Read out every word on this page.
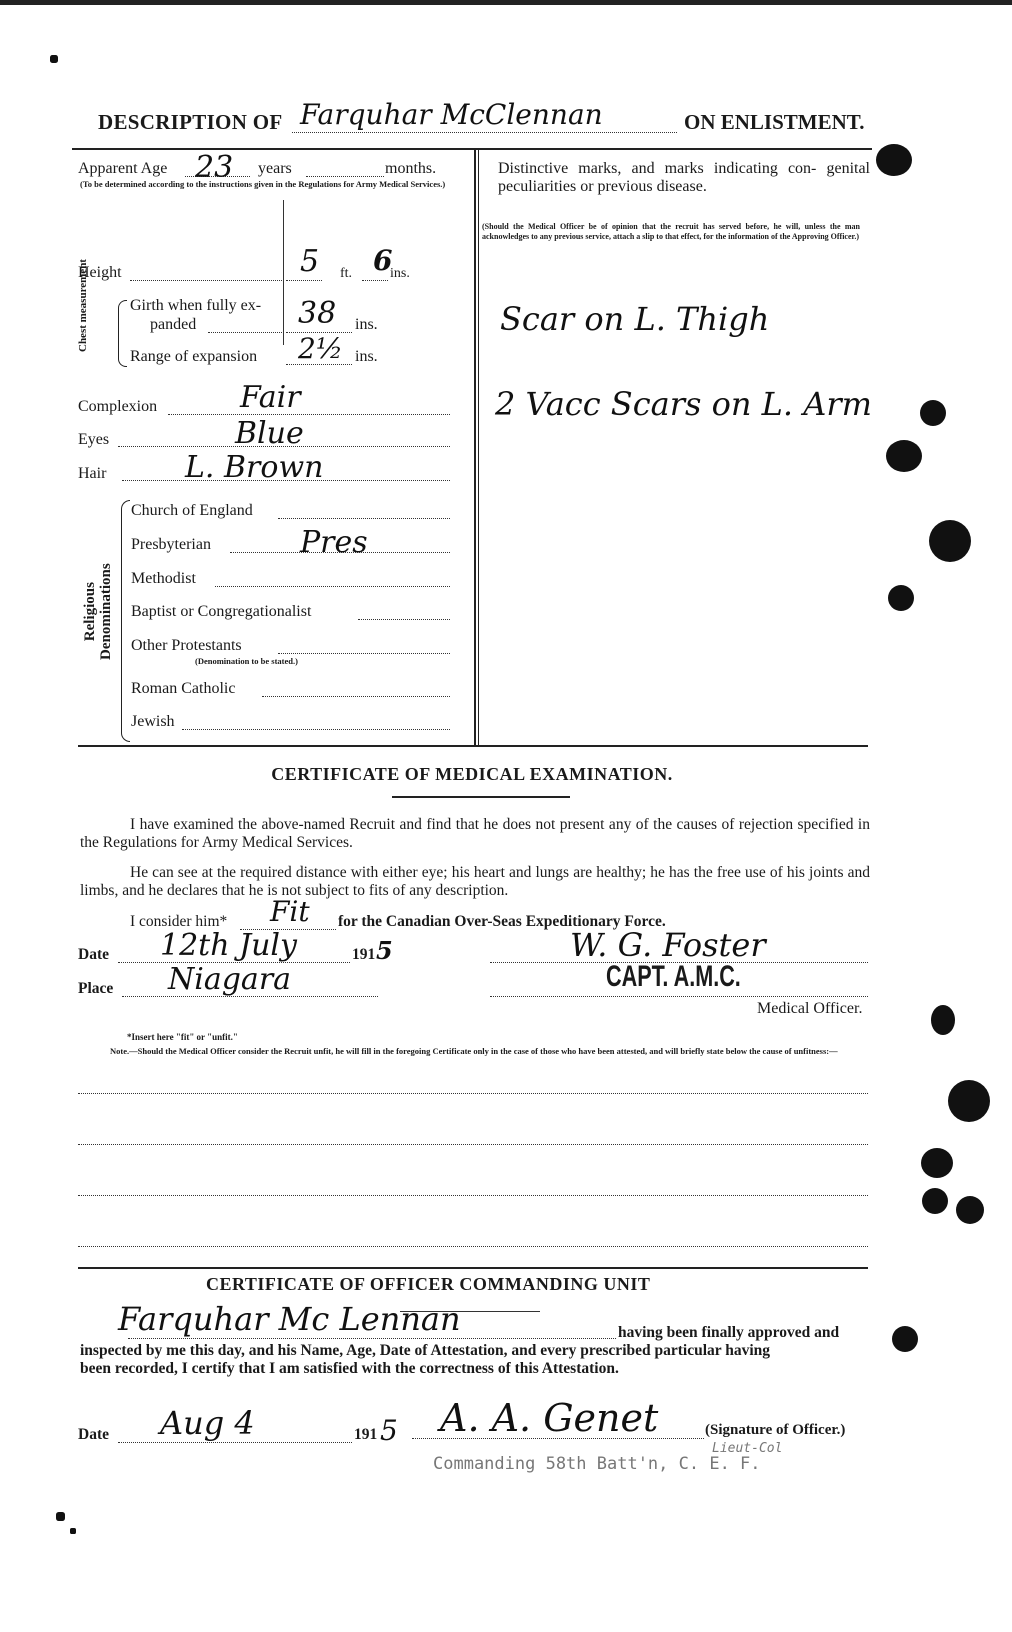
DESCRIPTION OF Farquhar McClennan	ON ENLISTMENT.
Apparent Age 23 years	months.
(To be determined according to the instructions given in the Regulations for Army Medical Services.)
Height	5 ft. 6
ins.
Chest measurement	Girth when fully ex-
panded	38 ins.
Range of expansion 2½ ins.
Complexion	Fair
Eyes	Blue
Hair	L. Brown
Religious Denominations
Church of England
Presbyterian	Pres
Methodist
Baptist or Congregationalist
Other Protestants
(Denomination to be stated.)
Roman Catholic
Jewish
Distinctive marks, and marks indicating con- genital peculiarities or previous disease.
(Should the Medical Officer be of opinion that the recruit has served before, he will, unless the man acknowledges to any previous service, attach a slip to that effect, for the information of the Approving Officer.)
Scar on L. Thigh
2 Vacc Scars on L. Arm
CERTIFICATE OF MEDICAL EXAMINATION.
I have examined the above-named Recruit and find that he does not present any of the causes of rejection specified in the Regulations for Army Medical Services.
He can see at the required distance with either eye; his heart and lungs are healthy; he has the free use of his joints and limbs, and he declares that he is not subject to fits of any description.
I consider him* Fit for the Canadian Over-Seas Expeditionary Force.
Date 12th July	191 5	W. G. Foster
Place Niagara	CAPT. A.M.C.
Medical Officer.
*Insert here "fit" or "unfit."
Note.—Should the Medical Officer consider the Recruit unfit, he will fill in the foregoing Certificate only in the case of those who have been attested, and will briefly state below the cause of unfitness:—
CERTIFICATE OF OFFICER COMMANDING UNIT
Farquhar Mc Lennan	having been finally approved and
inspected by me this day, and his Name, Age, Date of Attestation, and every prescribed particular having
been recorded, I certify that I am satisfied with the correctness of this Attestation.
A. A. Genet	(Signature of Officer.)
Lieut-Col
Date Aug 4	191 5
Commanding 58th Batt'n, C. E. F.
